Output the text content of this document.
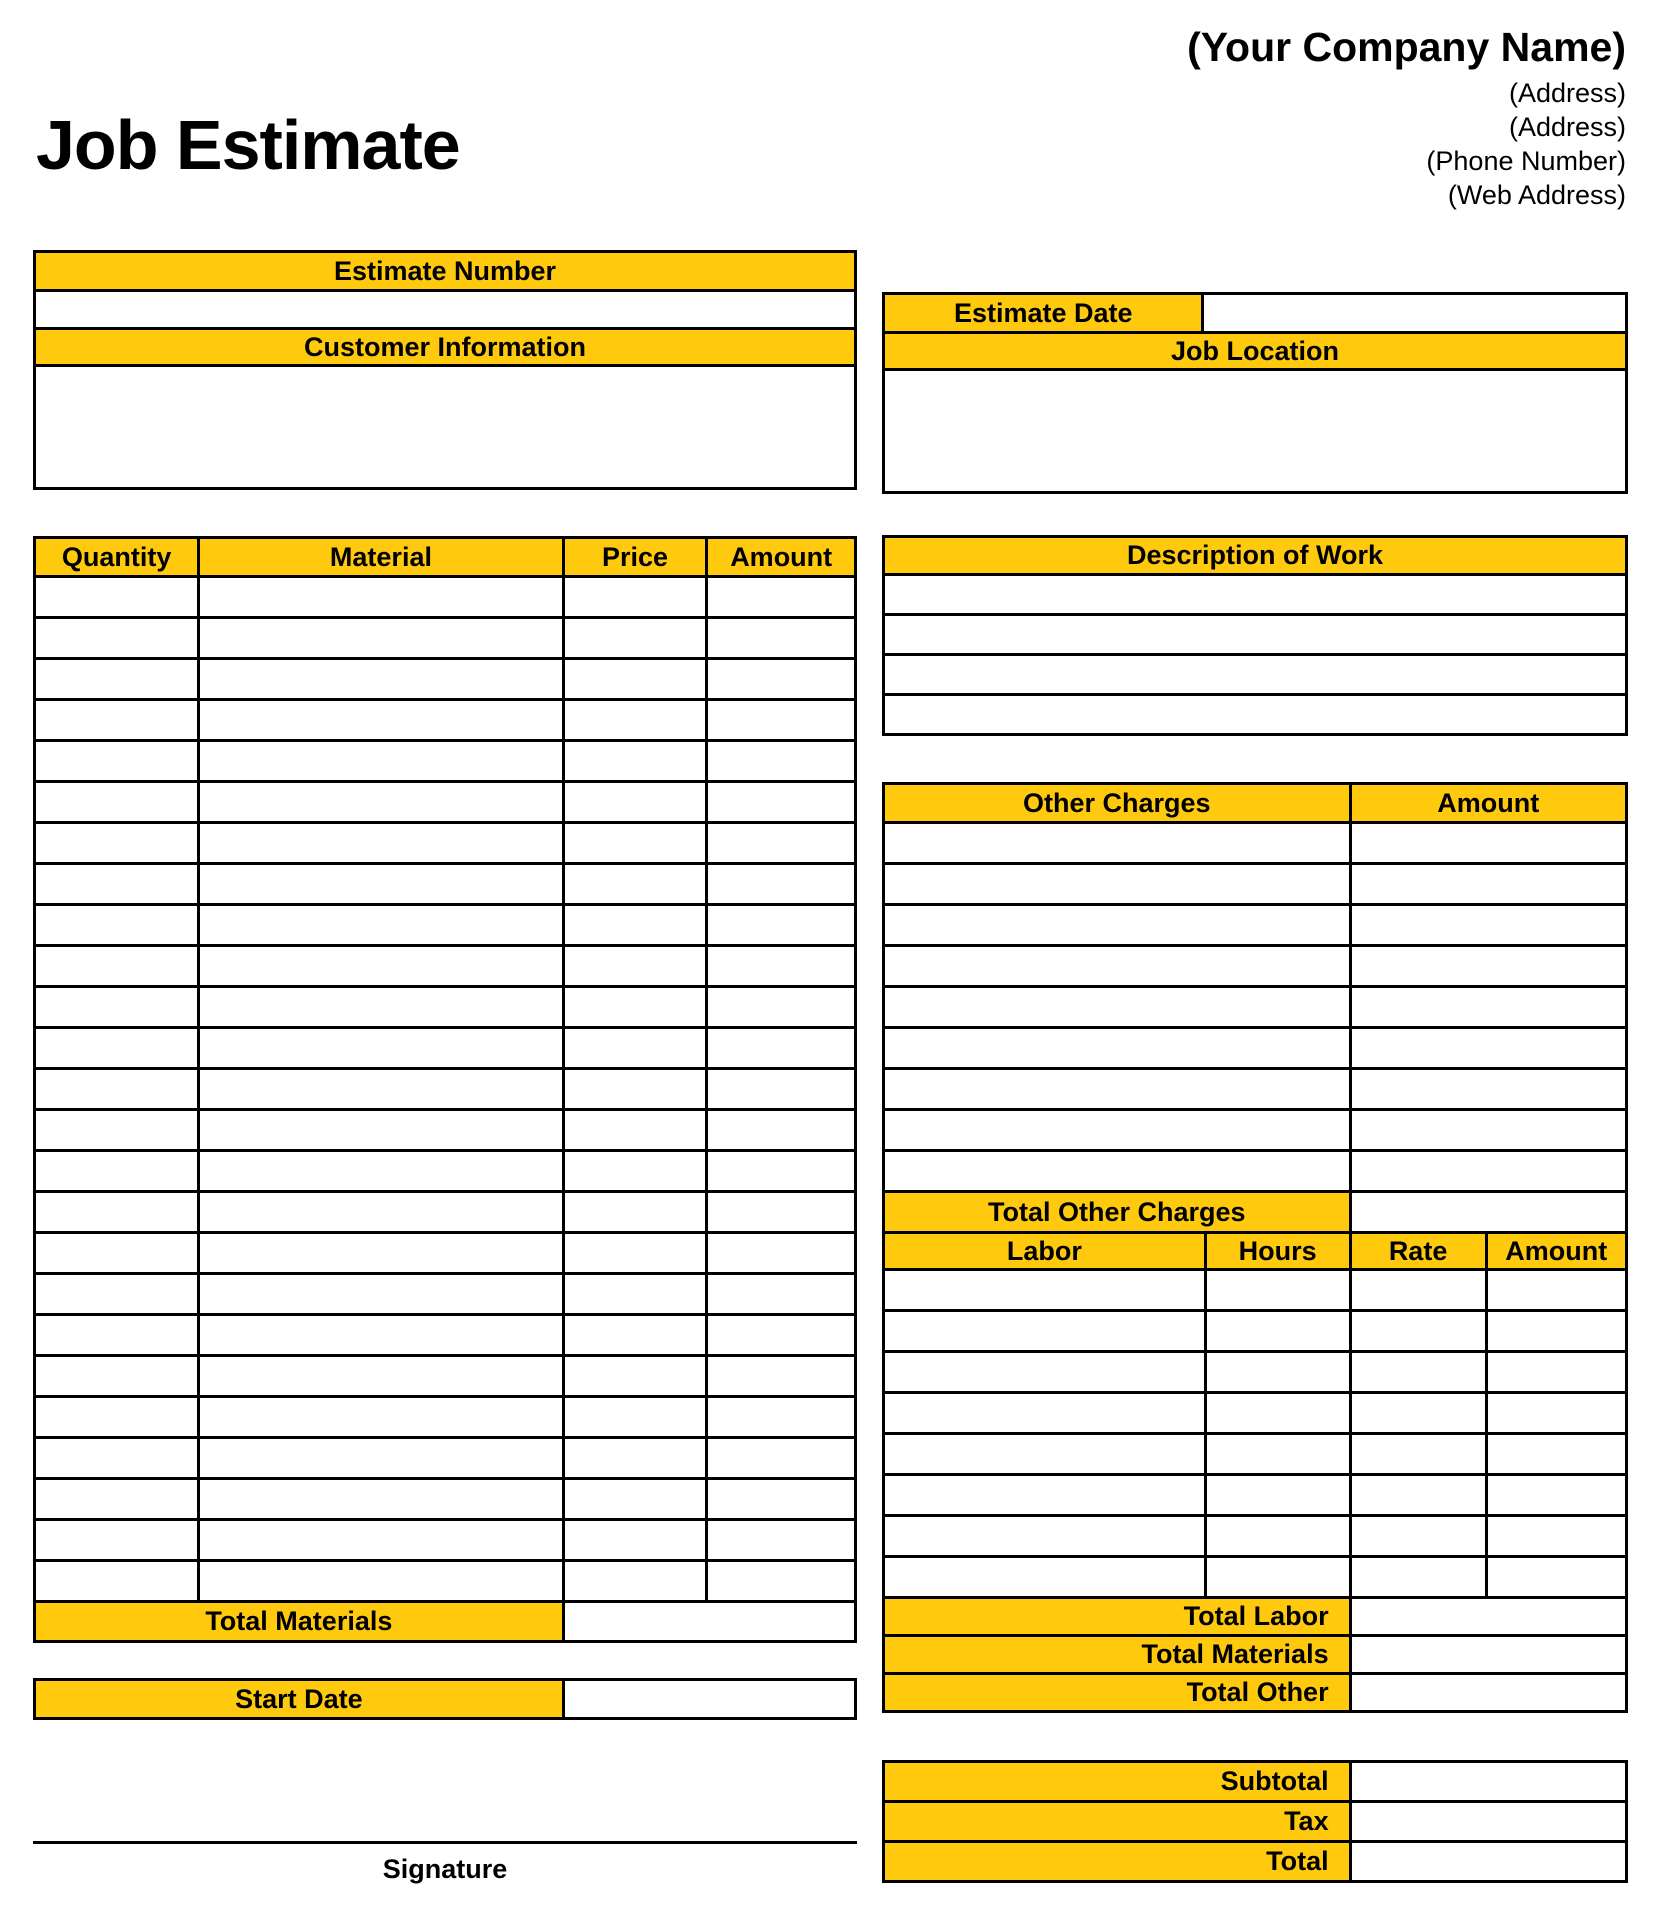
Job Estimate
(Your Company Name)
(Address)
(Address)
(Phone Number)
(Web Address)
Estimate Number

Customer Information

Estimate Date	
Job Location

Quantity	Material	Price	Amount

Total Materials			
Start Date	
Signature
Description of Work

Other Charges		Amount	

Total Other Charges			
Labor	Hours	Rate	Amount

Total Labor			
Total Materials			
Total Other			
Subtotal	
Tax	
Total	
